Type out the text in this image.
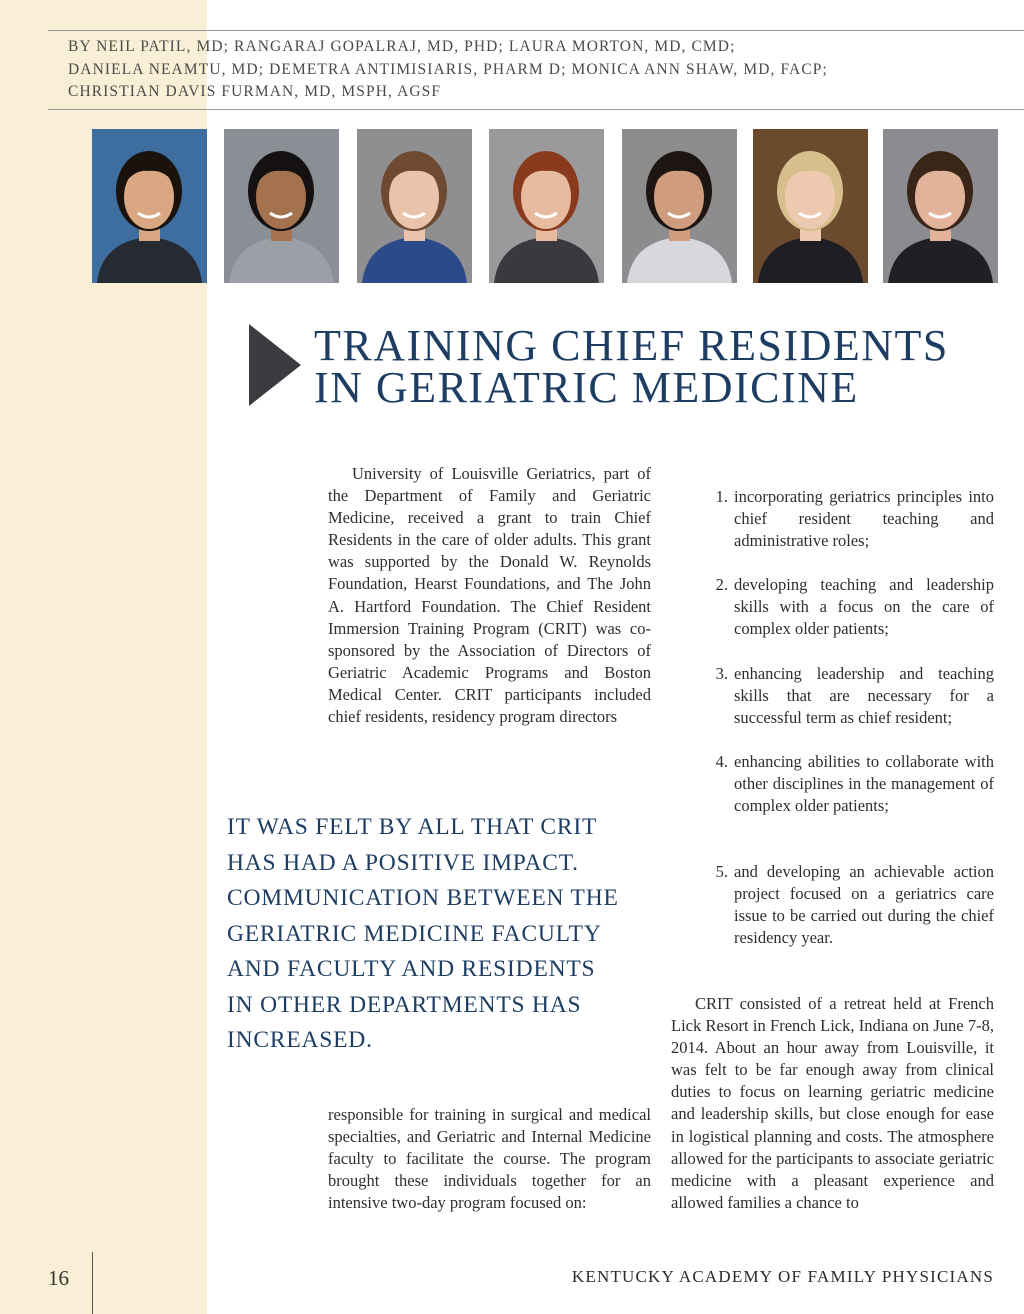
BY NEIL PATIL, MD; RANGARAJ GOPALRAJ, MD, PHD; LAURA MORTON, MD, CMD;
DANIELA NEAMTU, MD; DEMETRA ANTIMISIARIS, PHARM D; MONICA ANN SHAW, MD, FACP;
CHRISTIAN DAVIS FURMAN, MD, MSPH, AGSF
TRAINING CHIEF RESIDENTS
IN GERIATRIC MEDICINE

University of Louisville Geriatrics, part of the Department of Family and Geriatric Medicine, received a grant to train Chief Residents in the care of older adults. This grant was supported by the Donald W. Reynolds Foundation, Hearst Foundations, and The John A. Hartford Foundation. The Chief Resident Immersion Training Program (CRIT) was co-sponsored by the Association of Directors of Geriatric Academic Programs and Boston Medical Center. CRIT participants included chief residents, residency program directors

IT WAS FELT BY ALL THAT CRIT
HAS HAD A POSITIVE IMPACT.
COMMUNICATION BETWEEN THE
GERIATRIC MEDICINE FACULTY
AND FACULTY AND RESIDENTS
IN OTHER DEPARTMENTS HAS
INCREASED.

responsible for training in surgical and medical specialties, and Geriatric and Internal Medicine faculty to facilitate the course. The program brought these individuals together for an intensive two-day program focused on:

1. incorporating geriatrics principles into chief resident teaching and administrative roles;
2. developing teaching and leadership skills with a focus on the care of complex older patients;
3. enhancing leadership and teaching skills that are necessary for a successful term as chief resident;
4. enhancing abilities to collaborate with other disciplines in the management of complex older patients;
5. and developing an achievable action project focused on a geriatrics care issue to be carried out during the chief residency year.

CRIT consisted of a retreat held at French Lick Resort in French Lick, Indiana on June 7-8, 2014. About an hour away from Louisville, it was felt to be far enough away from clinical duties to focus on learning geriatric medicine and leadership skills, but close enough for ease in logistical planning and costs. The atmosphere allowed for the participants to associate geriatric medicine with a pleasant experience and allowed families a chance to

16	KENTUCKY ACADEMY OF FAMILY PHYSICIANS
